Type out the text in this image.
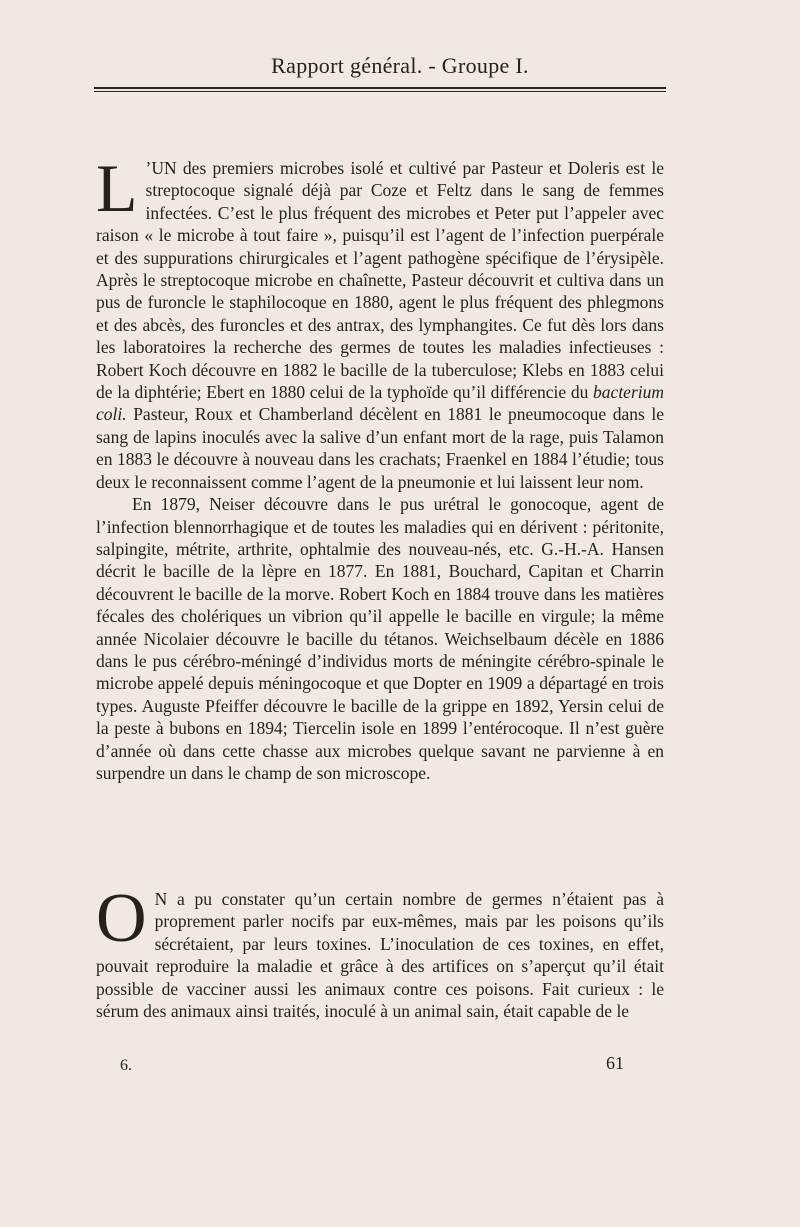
Rapport général. - Groupe I.

L ’UN des premiers microbes isolé et cultivé par Pasteur et Doleris est le streptocoque signalé déjà par Coze et Feltz dans le sang de femmes infectées. C’est le plus fréquent des microbes et Peter put l’appeler avec raison « le microbe à tout faire », puisqu’il est l’agent de l’infection puerpérale et des suppurations chirurgicales et l’agent pathogène spécifique de l’érysipèle. Après le streptocoque microbe en chaînette, Pasteur découvrit et cultiva dans un pus de furoncle le staphilocoque en 1880, agent le plus fréquent des phlegmons et des abcès, des furoncles et des antrax, des lymphangites. Ce fut dès lors dans les laboratoires la recherche des germes de toutes les maladies infectieuses : Robert Koch découvre en 1882 le bacille de la tuberculose; Klebs en 1883 celui de la diphtérie; Ebert en 1880 celui de la typhoïde qu’il différencie du bacterium coli. Pasteur, Roux et Chamberland décèlent en 1881 le pneumocoque dans le sang de lapins inoculés avec la salive d’un enfant mort de la rage, puis Talamon en 1883 le découvre à nouveau dans les crachats; Fraenkel en 1884 l’étudie; tous deux le reconnaissent comme l’agent de la pneumonie et lui laissent leur nom.

En 1879, Neiser découvre dans le pus urétral le gonocoque, agent de l’infection blennorrhagique et de toutes les maladies qui en dérivent : péritonite, salpingite, métrite, arthrite, ophtalmie des nouveau-nés, etc. G.-H.-A. Hansen décrit le bacille de la lèpre en 1877. En 1881, Bouchard, Capitan et Charrin découvrent le bacille de la morve. Robert Koch en 1884 trouve dans les matières fécales des cholériques un vibrion qu’il appelle le bacille en virgule; la même année Nicolaier découvre le bacille du tétanos. Weichselbaum décèle en 1886 dans le pus cérébro-méningé d’individus morts de méningite cérébro-spinale le microbe appelé depuis méningocoque et que Dopter en 1909 a départagé en trois types. Auguste Pfeiffer découvre le bacille de la grippe en 1892, Yersin celui de la peste à bubons en 1894; Tiercelin isole en 1899 l’entérocoque. Il n’est guère d’année où dans cette chasse aux microbes quelque savant ne parvienne à en surpendre un dans le champ de son microscope.

O N a pu constater qu’un certain nombre de germes n’étaient pas à proprement parler nocifs par eux-mêmes, mais par les poisons qu’ils sécrétaient, par leurs toxines. L’inoculation de ces toxines, en effet, pouvait reproduire la maladie et grâce à des artifices on s’aperçut qu’il était possible de vacciner aussi les animaux contre ces poisons. Fait curieux : le sérum des animaux ainsi traités, inoculé à un animal sain, était capable de le

6.	61
